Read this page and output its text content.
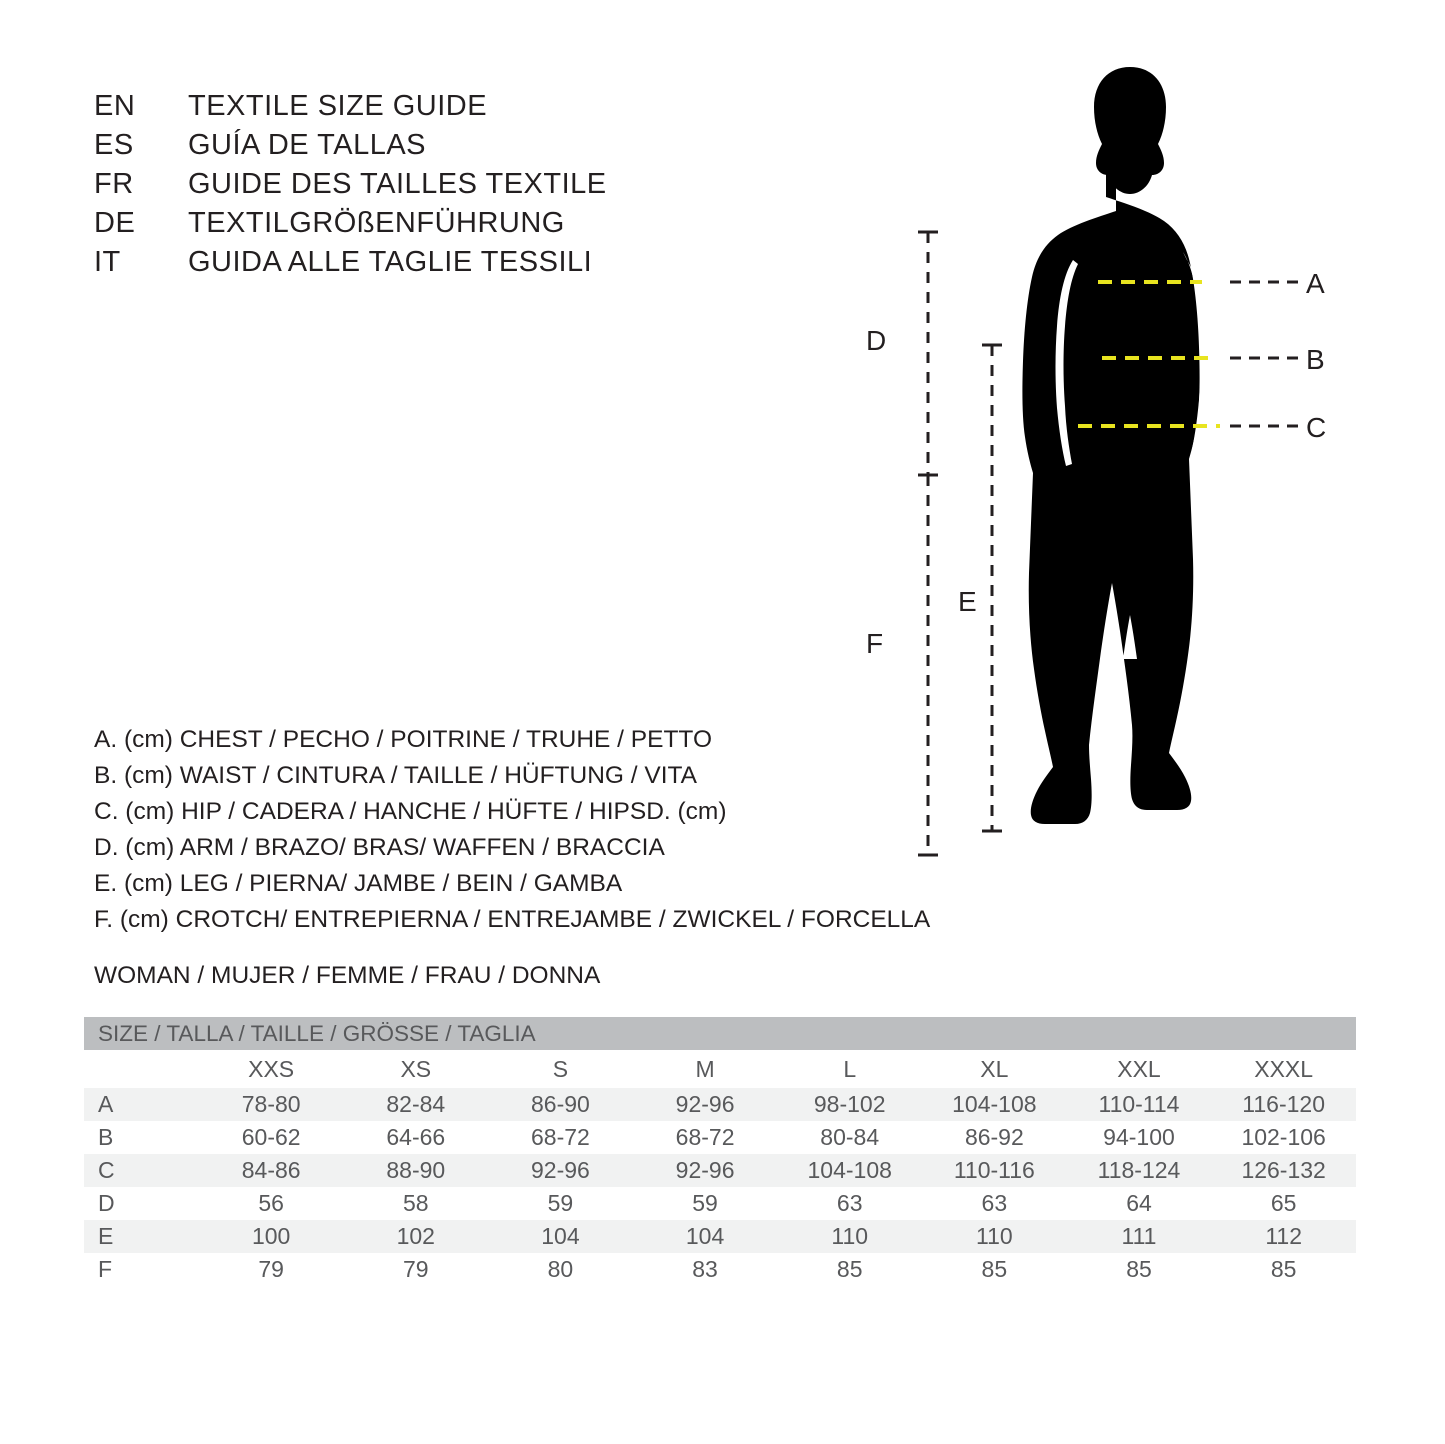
EN	TEXTILE SIZE GUIDE
ES	GUÍA DE TALLAS
FR	GUIDE DES TAILLES TEXTILE
DE	TEXTILGRÖßENFÜHRUNG
IT	GUIDA ALLE TAGLIE TESSILI
A. (cm) CHEST / PECHO / POITRINE / TRUHE / PETTO
B. (cm) WAIST / CINTURA / TAILLE / HÜFTUNG / VITA
C. (cm) HIP / CADERA / HANCHE / HÜFTE / HIPSD. (cm)
D. (cm) ARM / BRAZO/ BRAS/ WAFFEN / BRACCIA
E. (cm) LEG / PIERNA/ JAMBE / BEIN / GAMBA
F. (cm) CROTCH/ ENTREPIERNA / ENTREJAMBE / ZWICKEL / FORCELLA
WOMAN / MUJER / FEMME / FRAU / DONNA
SIZE / TALLA / TAILLE / GRÖSSE / TAGLIA								
	XXS	XS	S	M	L	XL	XXL	XXXL
A	78-80	82-84	86-90	92-96	98-102	104-108	110-114	116-120
B	60-62	64-66	68-72	68-72	80-84	86-92	94-100	102-106
C	84-86	88-90	92-96	92-96	104-108	110-116	118-124	126-132
D	56	58	59	59	63	63	64	65
E	100	102	104	104	110	110	111	112
F	79	79	80	83	85	85	85	85
A
B
C
D
E
F
